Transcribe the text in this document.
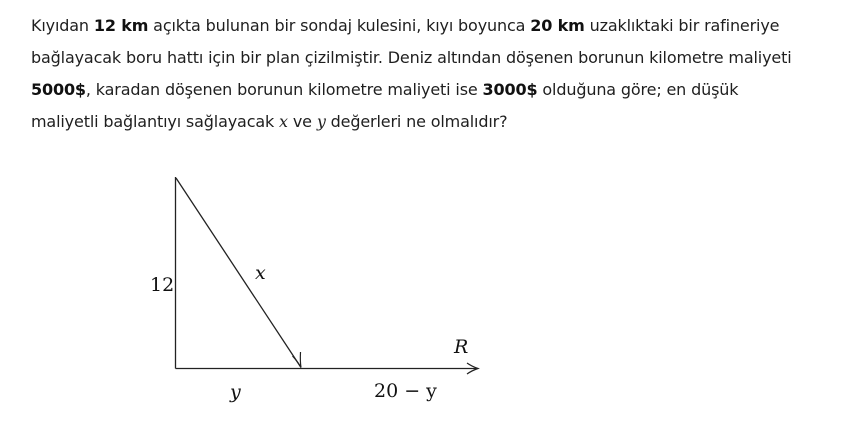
Kıyıdan 12 km açıkta bulunan bir sondaj kulesini, kıyı boyunca 20 km uzaklıktaki bir rafineriye
bağlayacak boru hattı için bir plan çizilmiştir. Deniz altından döşenen borunun kilometre maliyeti
5000$, karadan döşenen borunun kilometre maliyeti ise 3000$ olduğuna göre; en düşük
maliyetli bağlantıyı sağlayacak x ve y değerleri ne olmalıdır?
12
x
R
y	20 − y
